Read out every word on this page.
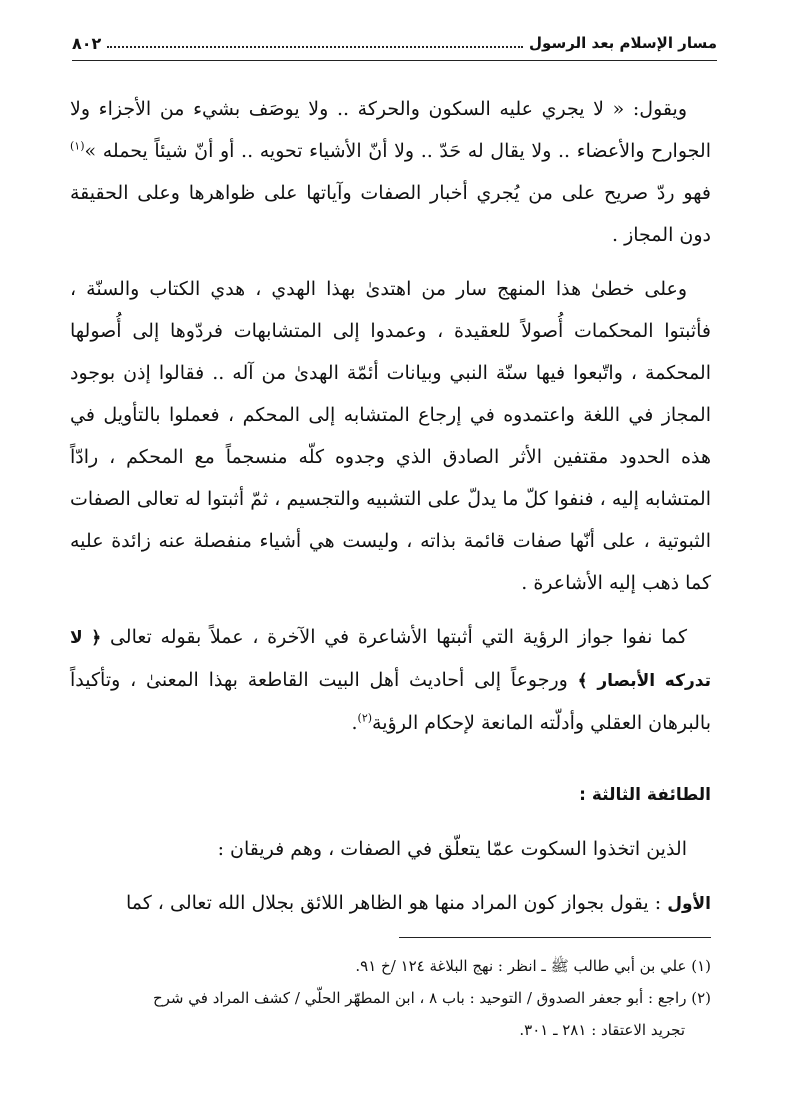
مسار الإسلام بعد الرسول
٨٠٢

ويقول: « لا يجري عليه السكون والحركة .. ولا يوصَف بشيء من الأجزاء ولا الجوارح والأعضاء .. ولا يقال له حَدّ .. ولا أنّ الأشياء تحويه .. أو أنّ شيئاً يحمله »$^{(١)}$ فهو ردّ صريح على من يُجري أخبار الصفات وآياتها على ظواهرها وعلى الحقيقة دون المجاز .

وعلى خطىٰ هذا المنهج سار من اهتدىٰ بهذا الهدي ، هدي الكتاب والسنّة ، فأثبتوا المحكمات أُصولاً للعقيدة ، وعمدوا إلى المتشابهات فردّوها إلى أُصولها المحكمة ، واتّبعوا فيها سنّة النبي وبيانات أئمّة الهدىٰ من آله .. فقالوا إذن بوجود المجاز في اللغة واعتمدوه في إرجاع المتشابه إلى المحكم ، فعملوا بالتأويل في هذه الحدود مقتفين الأثر الصادق الذي وجدوه كلّه منسجماً مع المحكم ، رادّاً المتشابه إليه ، فنفوا كلّ ما يدلّ على التشبيه والتجسيم ، ثمّ أثبتوا له تعالى الصفات الثبوتية ، على أنّها صفات قائمة بذاته ، وليست هي أشياء منفصلة عنه زائدة عليه كما ذهب إليه الأشاعرة .

كما نفوا جواز الرؤية التي أثبتها الأشاعرة في الآخرة ، عملاً بقوله تعالى ﴿ لا تدركه الأبصار ﴾ ورجوعاً إلى أحاديث أهل البيت القاطعة بهذا المعنىٰ ، وتأكيداً بالبرهان العقلي وأدلّته المانعة لإحكام الرؤية$^{(٢)}$.

الطائفة الثالثة :

الذين اتخذوا السكوت عمّا يتعلّق في الصفات ، وهم فريقان :

الأول : يقول بجواز كون المراد منها هو الظاهر اللائق بجلال الله تعالى ، كما

(١) علي بن أبي طالب ﷺ ـ انظر : نهج البلاغة ١٢٤ /خ ٩١.

(٢) راجع : أبو جعفر الصدوق / التوحيد : باب ٨ ، ابن المطهّر الحلّي / كشف المراد في شرح

تجريد الاعتقاد : ٢٨١ ـ ٣٠١.
